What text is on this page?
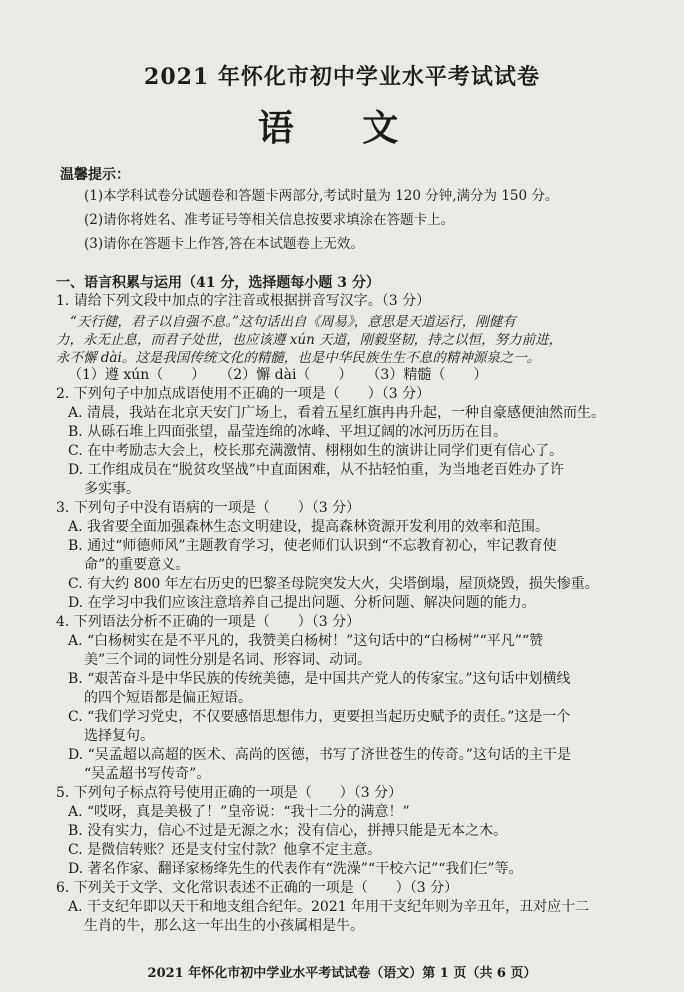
2021 年怀化市初中学业水平考试试卷
语 文
温馨提示：
(1)本学科试卷分试题卷和答题卡两部分,考试时量为 120 分钟,满分为 150 分。
(2)请你将姓名、准考证号等相关信息按要求填涂在答题卡上。
(3)请你在答题卡上作答,答在本试题卷上无效。
一、语言积累与运用（41 分，选择题每小题 3 分）
1. 请给下列文段中加点的字注音或根据拼音写汉字。（3 分）
“天行健，君子以自强不息。”这句话出自《周易》，意思是天道运行，刚健有
力，永无止息，而君子处世，也应该遵 xún 天道，刚毅坚韧，持之以恒，努力前进，
永不懈 dài。这是我国传统文化的精髓，也是中华民族生生不息的精神源泉之一。
（1）遵 xún（　　）　　（2）懈 dài（　　）　　（3）精髓（　　）
2. 下列句子中加点成语使用不正确的一项是（　　）（3 分）
A. 清晨，我站在北京天安门广场上，看着五星红旗冉冉升起，一种自豪感便油然而生。
B. 从砾石堆上四面张望，晶莹连绵的冰峰、平坦辽阔的冰河历历在目。
C. 在中考励志大会上，校长那充满激情、栩栩如生的演讲让同学们更有信心了。
D. 工作组成员在“脱贫攻坚战”中直面困难，从不拈轻怕重，为当地老百姓办了许
多实事。
3. 下列句子中没有语病的一项是（　　）（3 分）
A. 我省要全面加强森林生态文明建设，提高森林资源开发利用的效率和范围。
B. 通过“师德师风”主题教育学习，使老师们认识到“不忘教育初心，牢记教育使
命”的重要意义。
C. 有大约 800 年左右历史的巴黎圣母院突发大火，尖塔倒塌，屋顶烧毁，损失惨重。
D. 在学习中我们应该注意培养自己提出问题、分析问题、解决问题的能力。
4. 下列语法分析不正确的一项是（　　）（3 分）
A. “白杨树实在是不平凡的，我赞美白杨树！”这句话中的“白杨树”“平凡”“赞
美”三个词的词性分别是名词、形容词、动词。
B. “艰苦奋斗是中华民族的传统美德，是中国共产党人的传家宝。”这句话中划横线
的四个短语都是偏正短语。
C. “我们学习党史，不仅要感悟思想伟力，更要担当起历史赋予的责任。”这是一个
选择复句。
D. “吴孟超以高超的医术、高尚的医德，书写了济世苍生的传奇。”这句话的主干是
“吴孟超书写传奇”。
5. 下列句子标点符号使用正确的一项是（　　）（3 分）
A. “哎呀，真是美极了！”皇帝说：“我十二分的满意！”
B. 没有实力，信心不过是无源之水；没有信心，拼搏只能是无本之木。
C. 是微信转账？还是支付宝付款？他拿不定主意。
D. 著名作家、翻译家杨绛先生的代表作有“洗澡”“干校六记”“我们仨”等。
6. 下列关于文学、文化常识表述不正确的一项是（　　）（3 分）
A. 干支纪年即以天干和地支组合纪年。2021 年用干支纪年则为辛丑年，丑对应十二
生肖的牛，那么这一年出生的小孩属相是牛。
2021 年怀化市初中学业水平考试试卷（语文）第 1 页（共 6 页）
